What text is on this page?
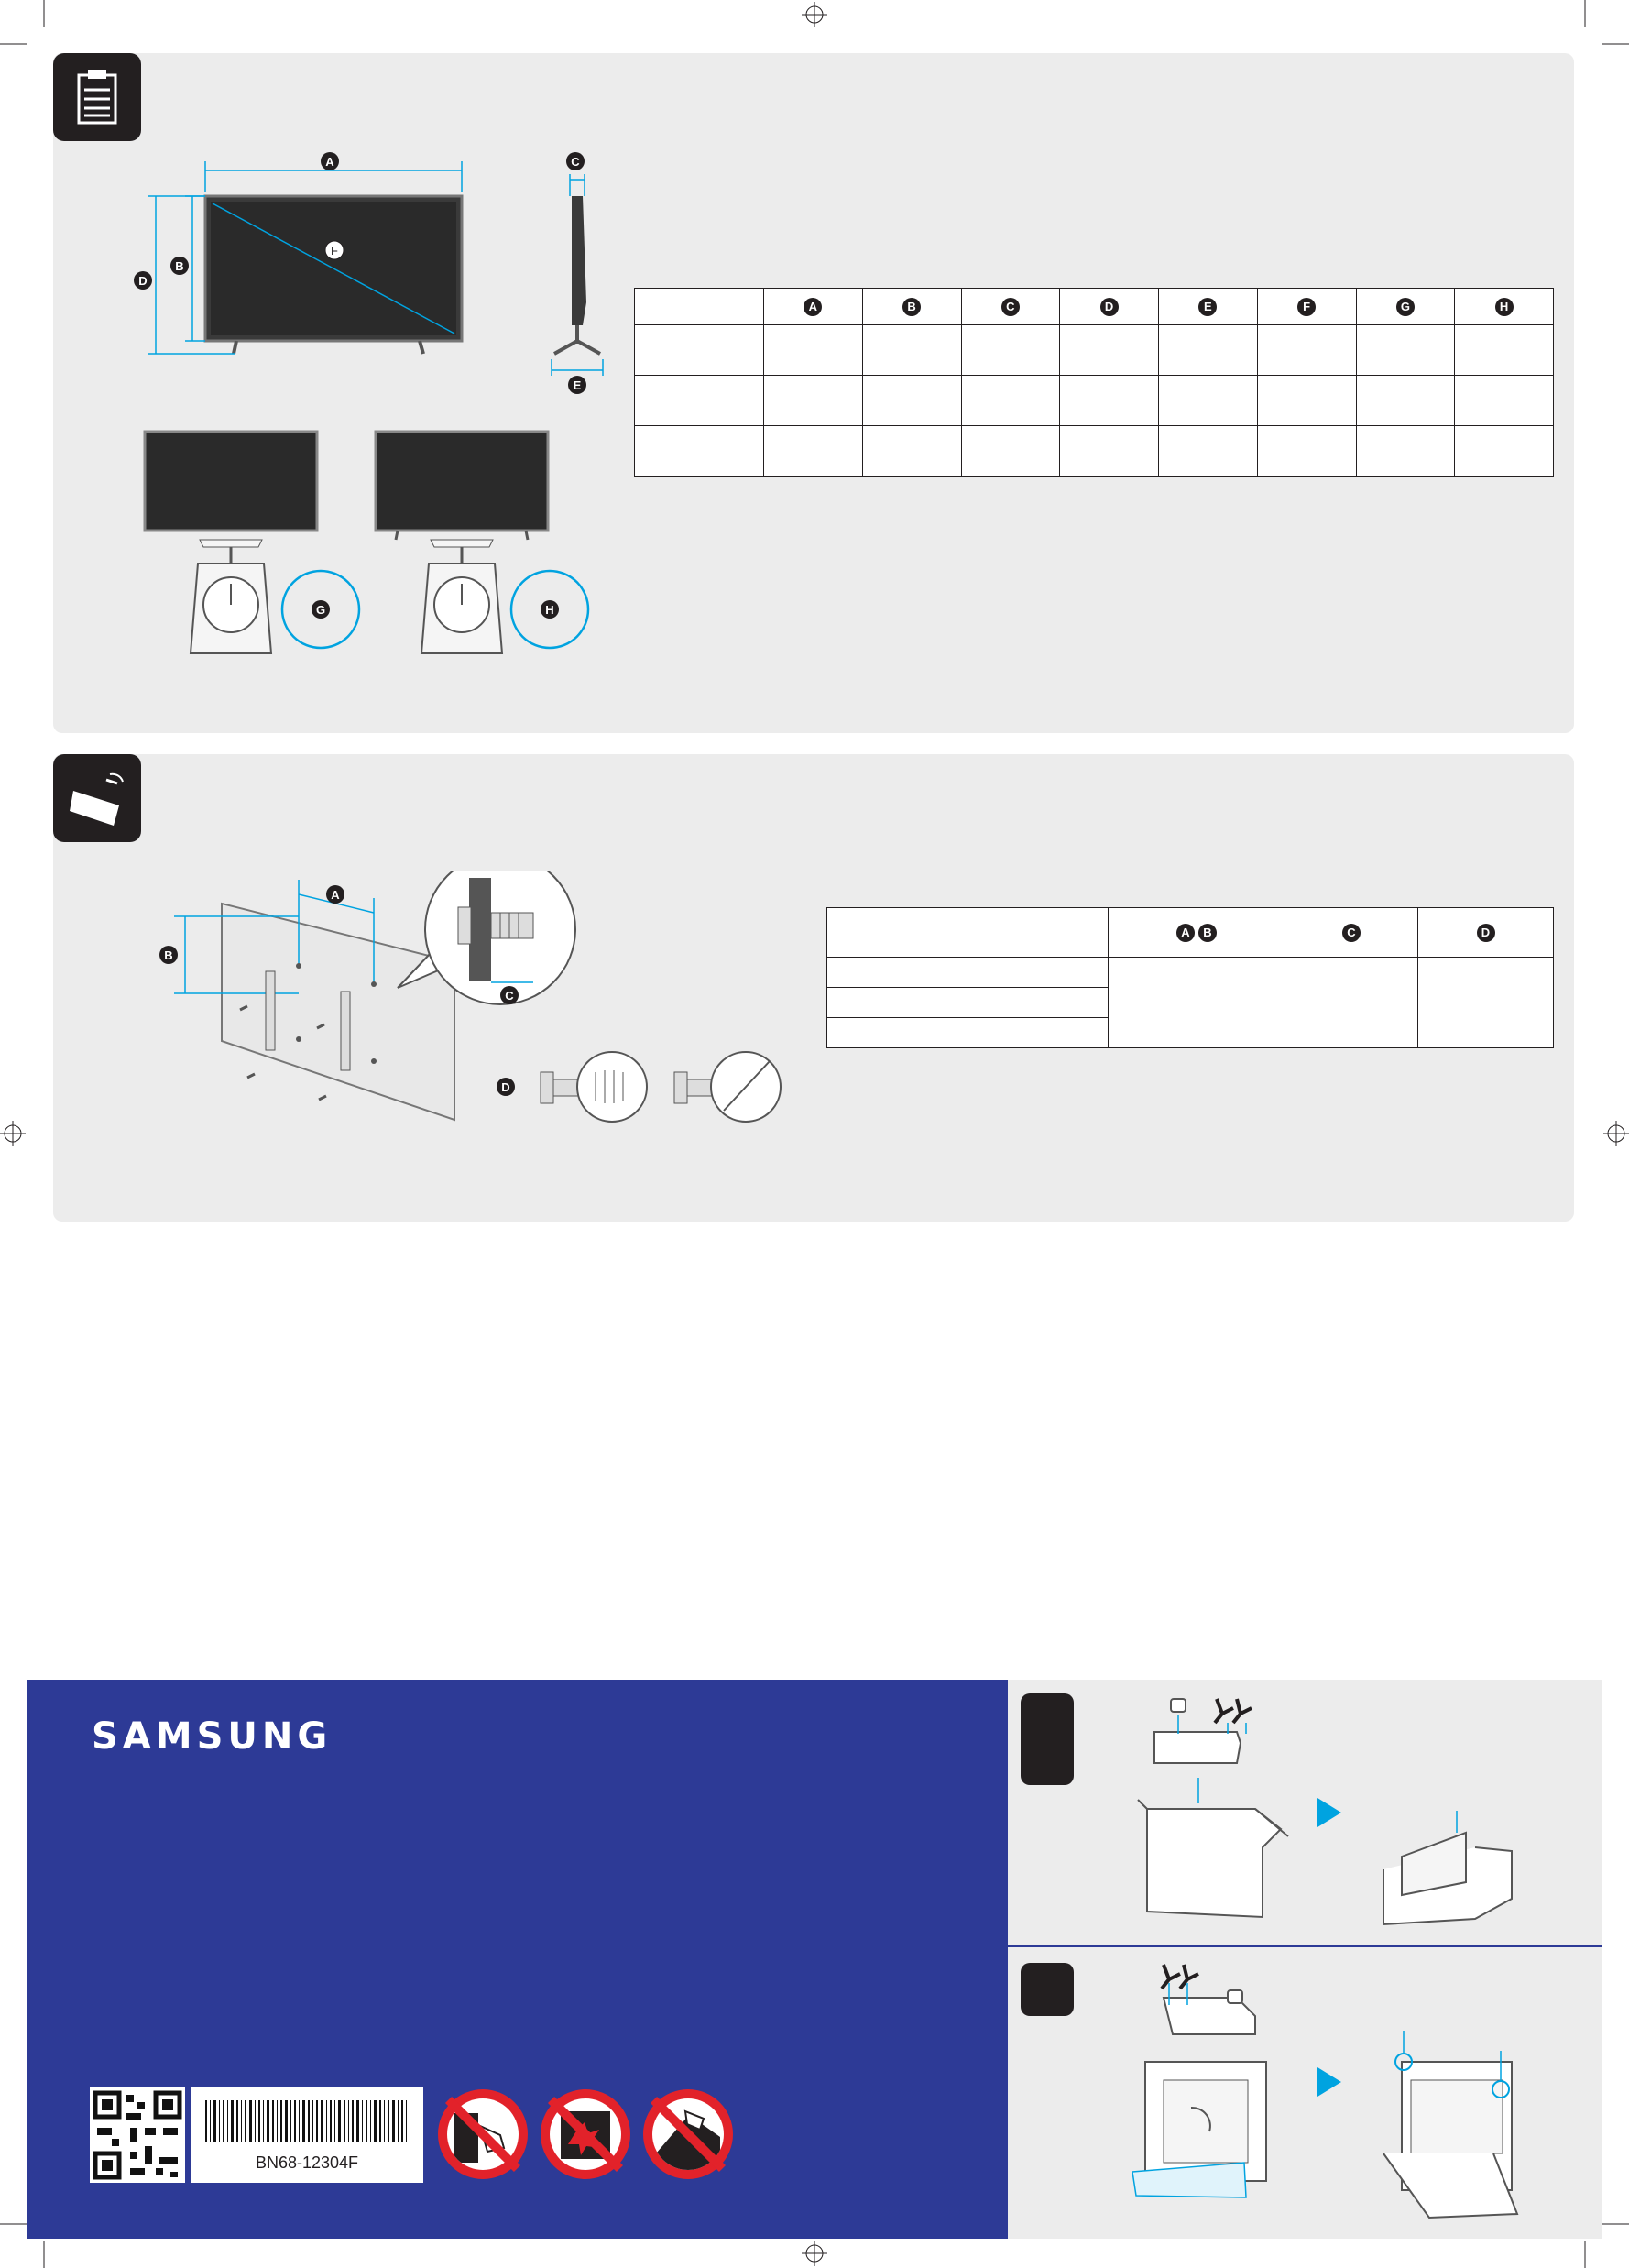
A
B
D
F
C
E
G	H
	A	B	C	D	E	F	G	H

A
B
C
D
	A B	C	D

SAMSUNG
BN68-12304F
